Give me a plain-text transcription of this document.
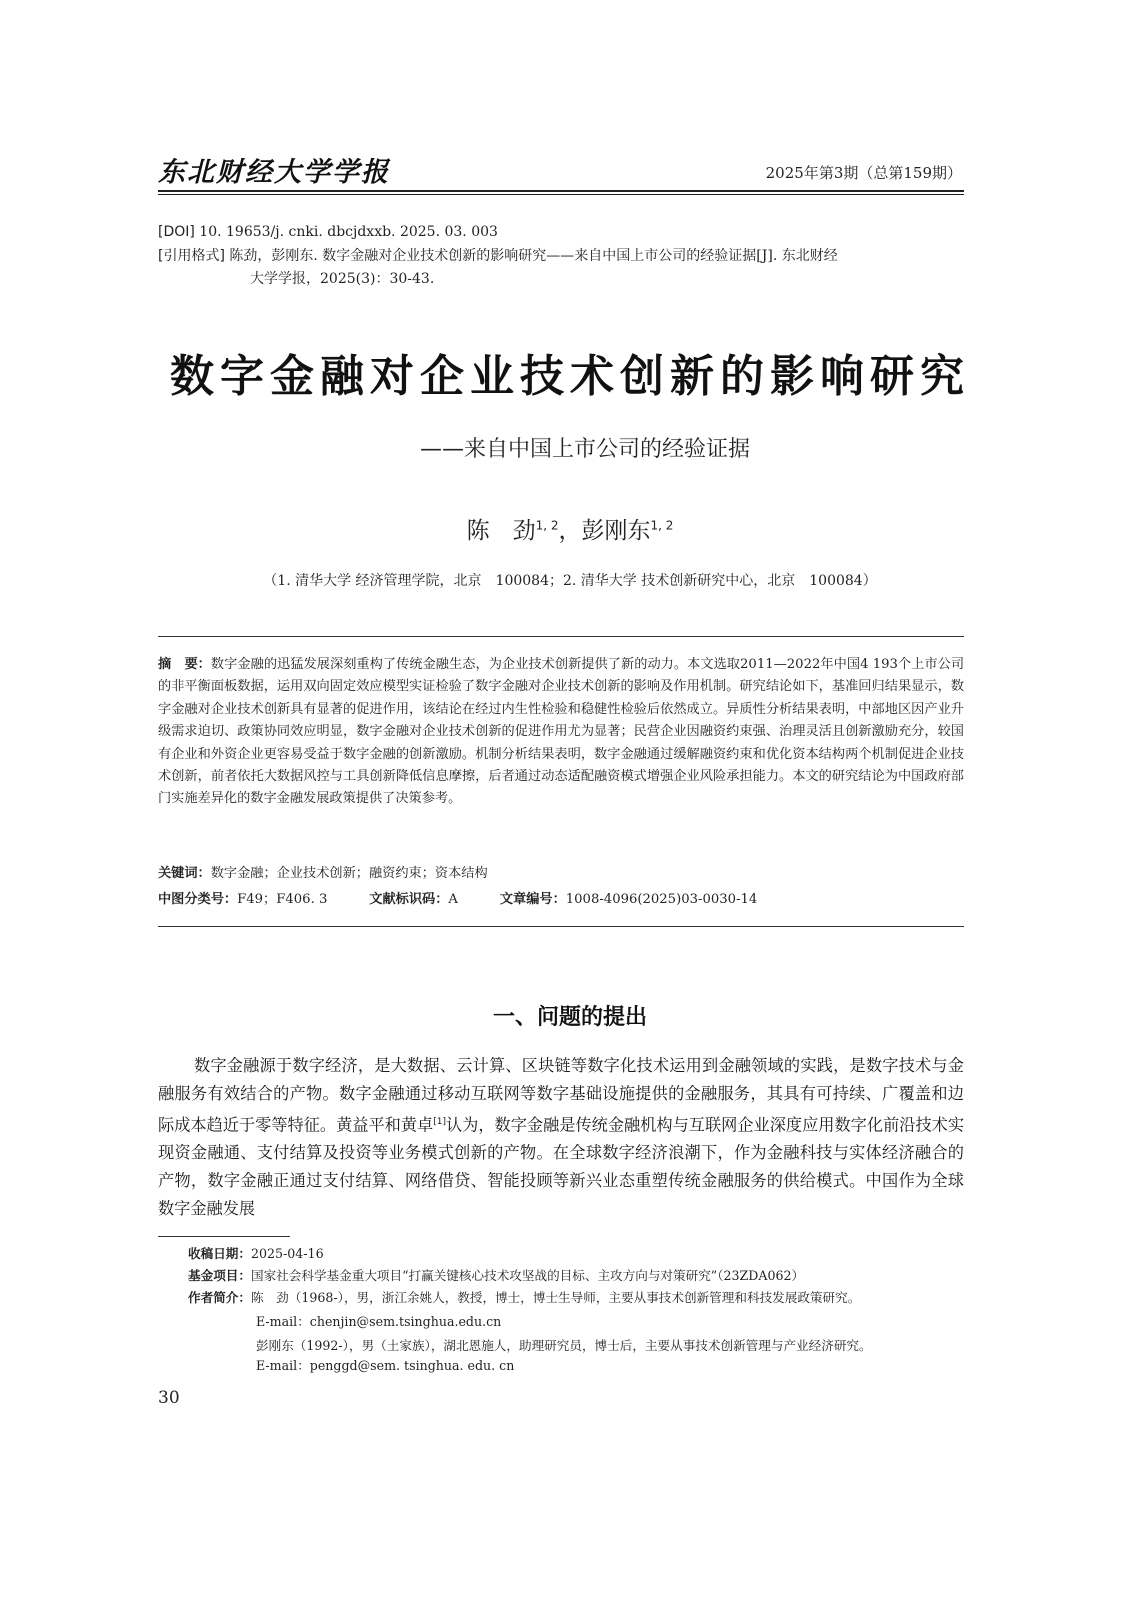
东北财经大学学报	2025年第3期（总第159期）
[DOI] 10. 19653/j. cnki. dbcjdxxb. 2025. 03. 003
[引用格式] 陈劲，彭刚东. 数字金融对企业技术创新的影响研究——来自中国上市公司的经验证据[J]. 东北财经
大学学报，2025(3)：30-43.
数字金融对企业技术创新的影响研究
——来自中国上市公司的经验证据
陈　劲$^{1, 2}$，彭刚东$^{1, 2}$
（1. 清华大学 经济管理学院，北京　100084；2. 清华大学 技术创新研究中心，北京　100084）
摘　要：数字金融的迅猛发展深刻重构了传统金融生态，为企业技术创新提供了新的动力。本文选取2011—2022年中国4 193个上市公司的非平衡面板数据，运用双向固定效应模型实证检验了数字金融对企业技术创新的影响及作用机制。研究结论如下，基准回归结果显示，数字金融对企业技术创新具有显著的促进作用，该结论在经过内生性检验和稳健性检验后依然成立。异质性分析结果表明，中部地区因产业升级需求迫切、政策协同效应明显，数字金融对企业技术创新的促进作用尤为显著；民营企业因融资约束强、治理灵活且创新激励充分，较国有企业和外资企业更容易受益于数字金融的创新激励。机制分析结果表明，数字金融通过缓解融资约束和优化资本结构两个机制促进企业技术创新，前者依托大数据风控与工具创新降低信息摩擦，后者通过动态适配融资模式增强企业风险承担能力。本文的研究结论为中国政府部门实施差异化的数字金融发展政策提供了决策参考。
关键词：数字金融；企业技术创新；融资约束；资本结构
中图分类号：F49；F406. 3	文献标识码：A	文章编号：1008-4096(2025)03-0030-14
一、问题的提出
数字金融源于数字经济，是大数据、云计算、区块链等数字化技术运用到金融领域的实践，是数字技术与金融服务有效结合的产物。数字金融通过移动互联网等数字基础设施提供的金融服务，其具有可持续、广覆盖和边际成本趋近于零等特征。黄益平和黄卓[1]认为，数字金融是传统金融机构与互联网企业深度应用数字化前沿技术实现资金融通、支付结算及投资等业务模式创新的产物。在全球数字经济浪潮下，作为金融科技与实体经济融合的产物，数字金融正通过支付结算、网络借贷、智能投顾等新兴业态重塑传统金融服务的供给模式。中国作为全球数字金融发展
收稿日期：2025-04-16
基金项目：国家社会科学基金重大项目“打赢关键核心技术攻坚战的目标、主攻方向与对策研究”（23ZDA062）
作者简介：陈　劲（1968-），男，浙江余姚人，教授，博士，博士生导师，主要从事技术创新管理和科技发展政策研究。
E-mail：chenjin@sem.tsinghua.edu.cn
彭刚东（1992-），男（土家族），湖北恩施人，助理研究员，博士后，主要从事技术创新管理与产业经济研究。
E-mail：penggd@sem. tsinghua. edu. cn
30
